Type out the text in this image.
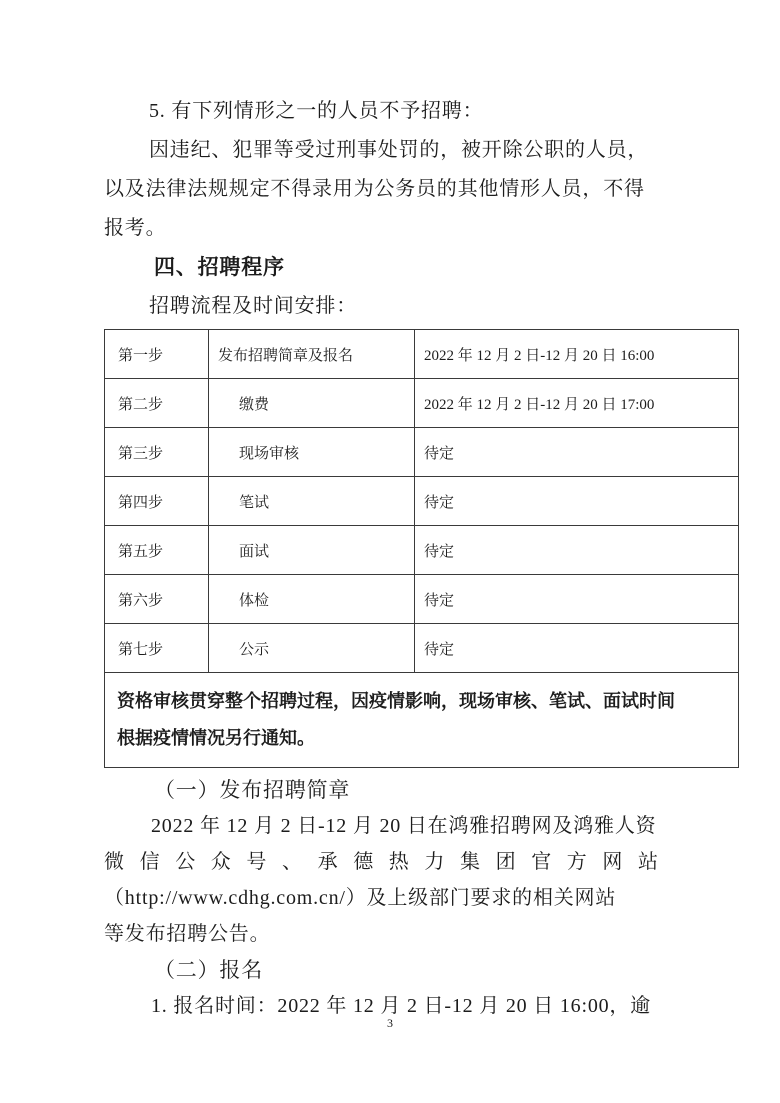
5. 有下列情形之一的人员不予招聘：

因违纪、犯罪等受过刑事处罚的，被开除公职的人员，

以及法律法规规定不得录用为公务员的其他情形人员，不得

报考。

四、招聘程序

招聘流程及时间安排：

第一步	发布招聘简章及报名	2022 年 12 月 2 日-12 月 20 日 16:00
第二步	缴费	2022 年 12 月 2 日-12 月 20 日 17:00
第三步	现场审核	待定
第四步	笔试	待定
第五步	面试	待定
第六步	体检	待定
第七步	公示	待定

资格审核贯穿整个招聘过程，因疫情影响，现场审核、笔试、面试时间
根据疫情情况另行通知。		
（一）发布招聘简章

2022 年 12 月 2 日-12 月 20 日在鸿雅招聘网及鸿雅人资

微信公众号、承德热力集团官方网站

（http://www.cdhg.com.cn/）及上级部门要求的相关网站

等发布招聘公告。

（二）报名

1. 报名时间：2022 年 12 月 2 日-12 月 20 日 16:00，逾

3
